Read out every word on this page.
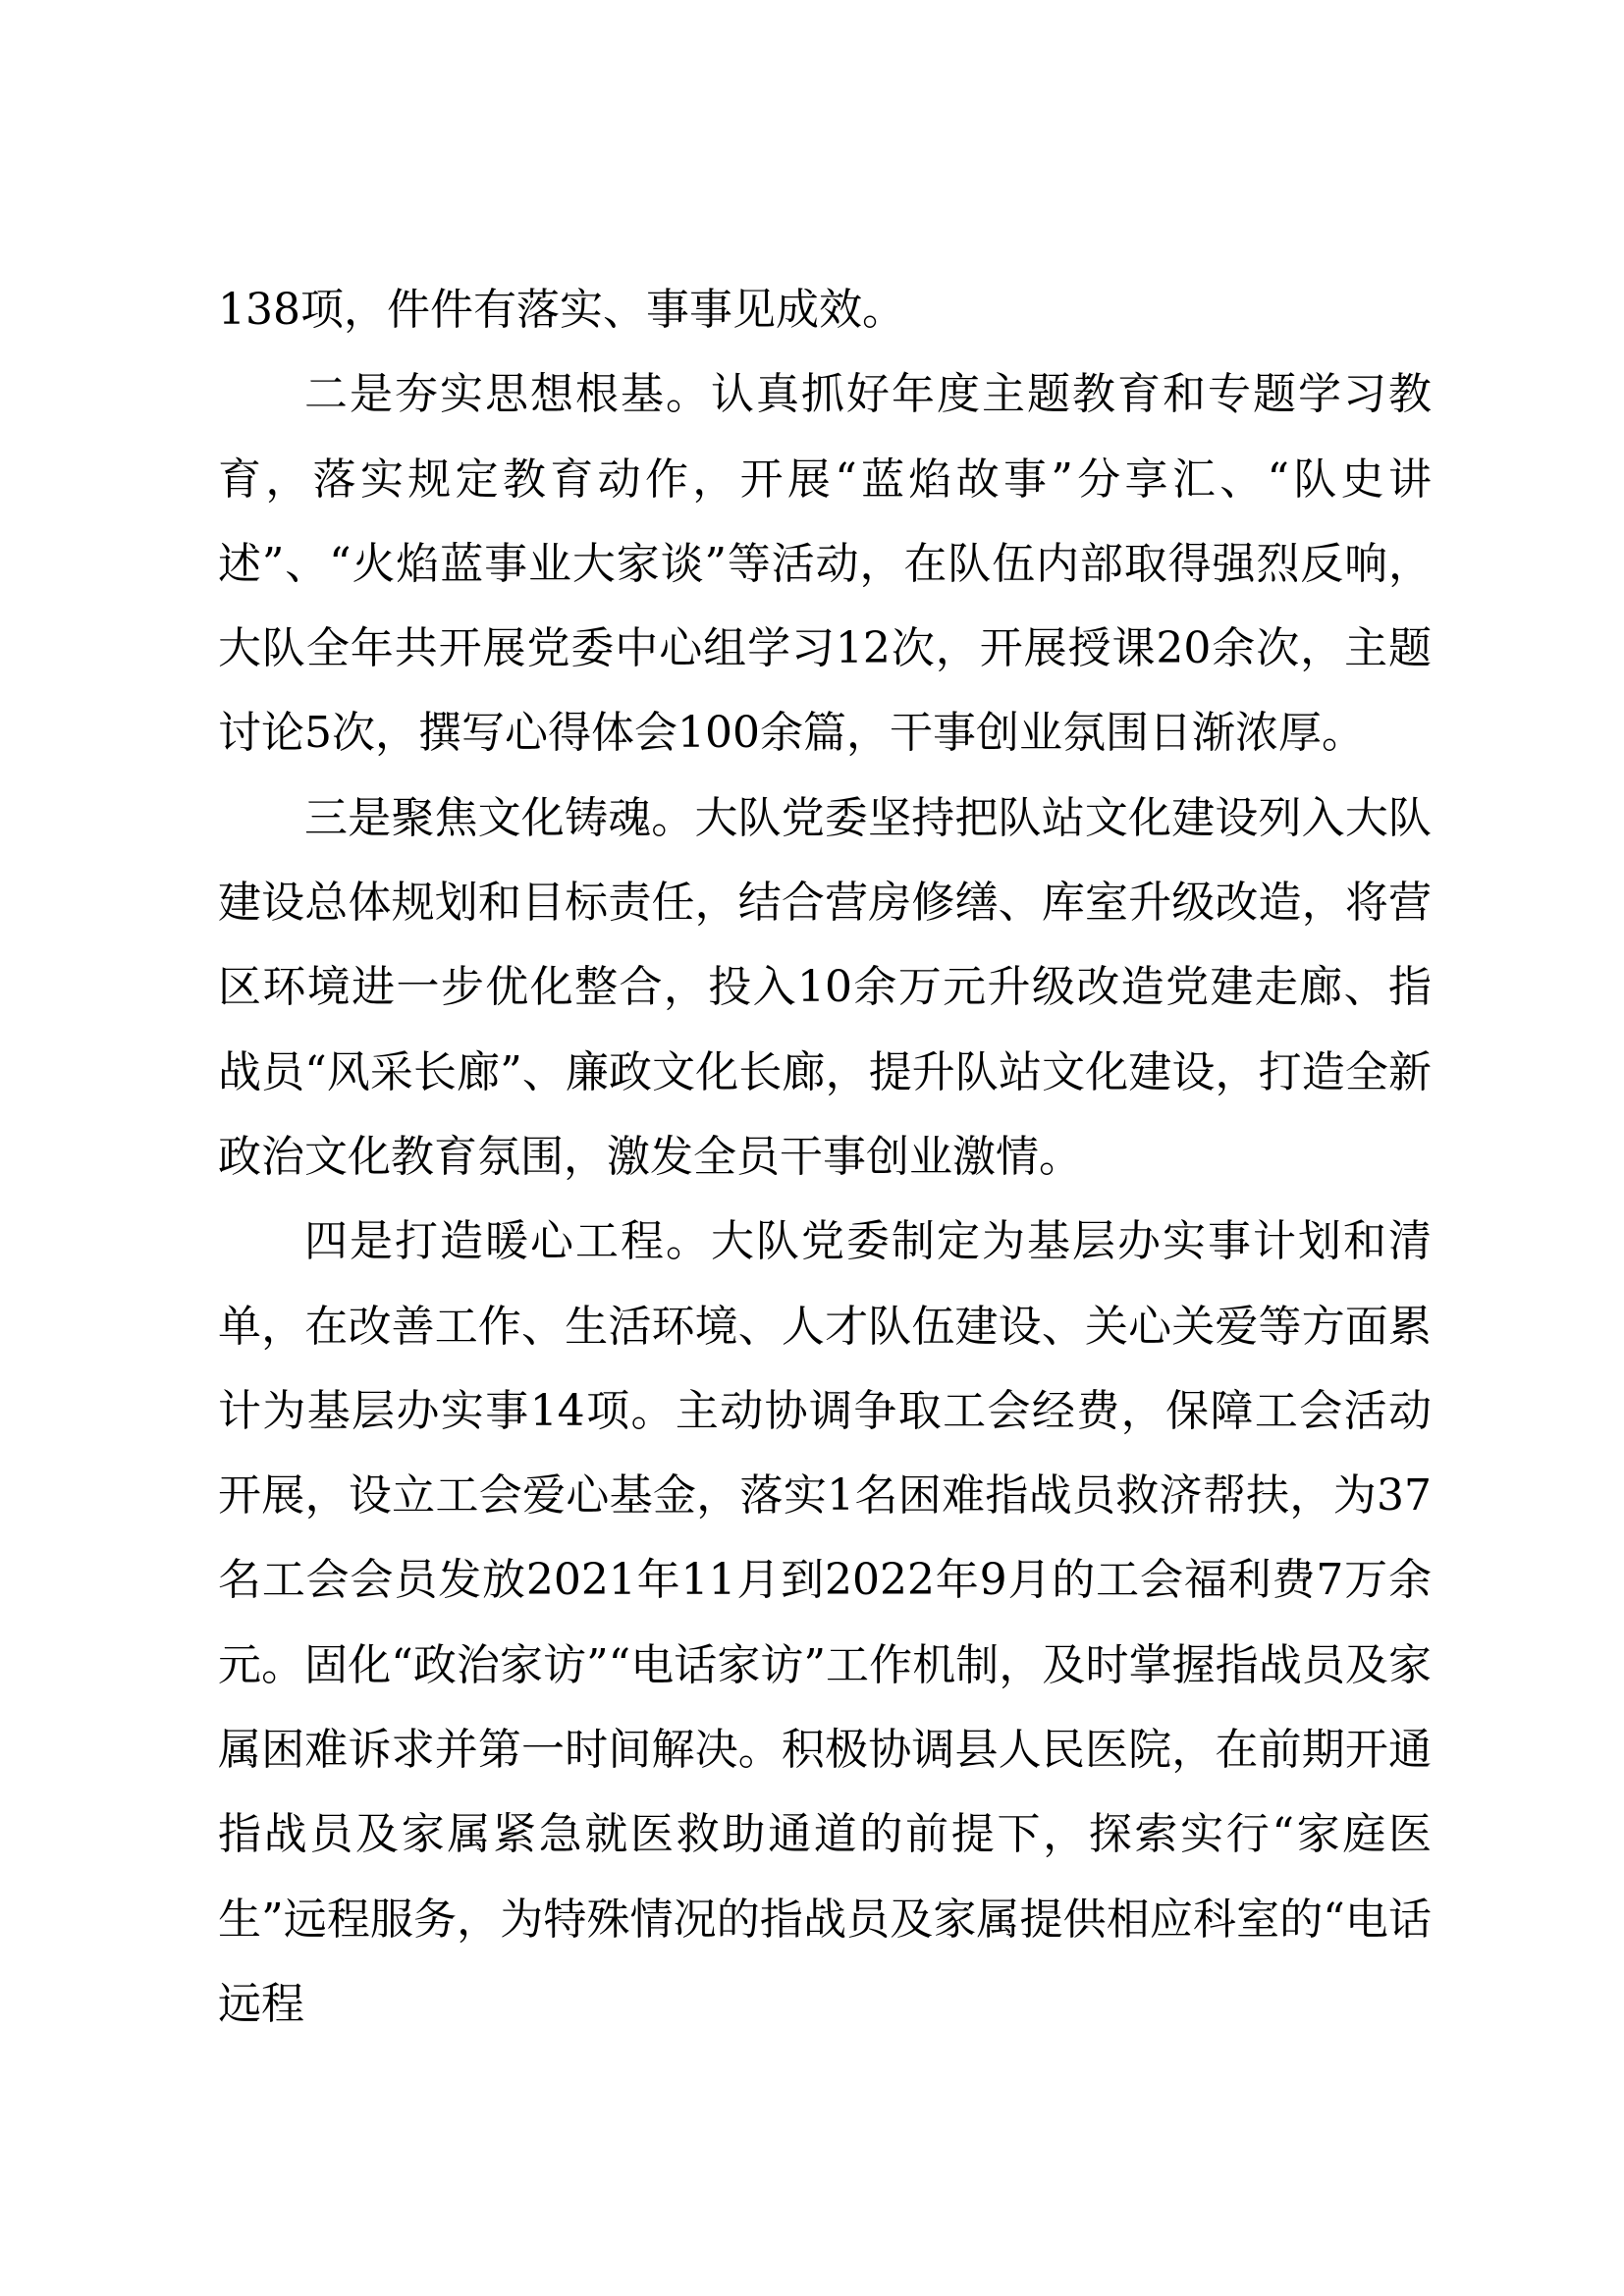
138项，件件有落实、事事见成效。

二是夯实思想根基。认真抓好年度主题教育和专题学习教育，落实规定教育动作，开展“蓝焰故事”分享汇、“队史讲述”、“火焰蓝事业大家谈”等活动，在队伍内部取得强烈反响，大队全年共开展党委中心组学习12次，开展授课20余次，主题讨论5次，撰写心得体会100余篇，干事创业氛围日渐浓厚。

三是聚焦文化铸魂。大队党委坚持把队站文化建设列入大队建设总体规划和目标责任，结合营房修缮、库室升级改造，将营区环境进一步优化整合，投入10余万元升级改造党建走廊、指战员“风采长廊”、廉政文化长廊，提升队站文化建设，打造全新政治文化教育氛围，激发全员干事创业激情。

四是打造暖心工程。大队党委制定为基层办实事计划和清单，在改善工作、生活环境、人才队伍建设、关心关爱等方面累计为基层办实事14项。主动协调争取工会经费，保障工会活动开展，设立工会爱心基金，落实1名困难指战员救济帮扶，为37名工会会员发放2021年11月到2022年9月的工会福利费7万余元。固化“政治家访”“电话家访”工作机制，及时掌握指战员及家属困难诉求并第一时间解决。积极协调县人民医院，在前期开通指战员及家属紧急就医救助通道的前提下，探索实行“家庭医生”远程服务，为特殊情况的指战员及家属提供相应科室的“电话远程
